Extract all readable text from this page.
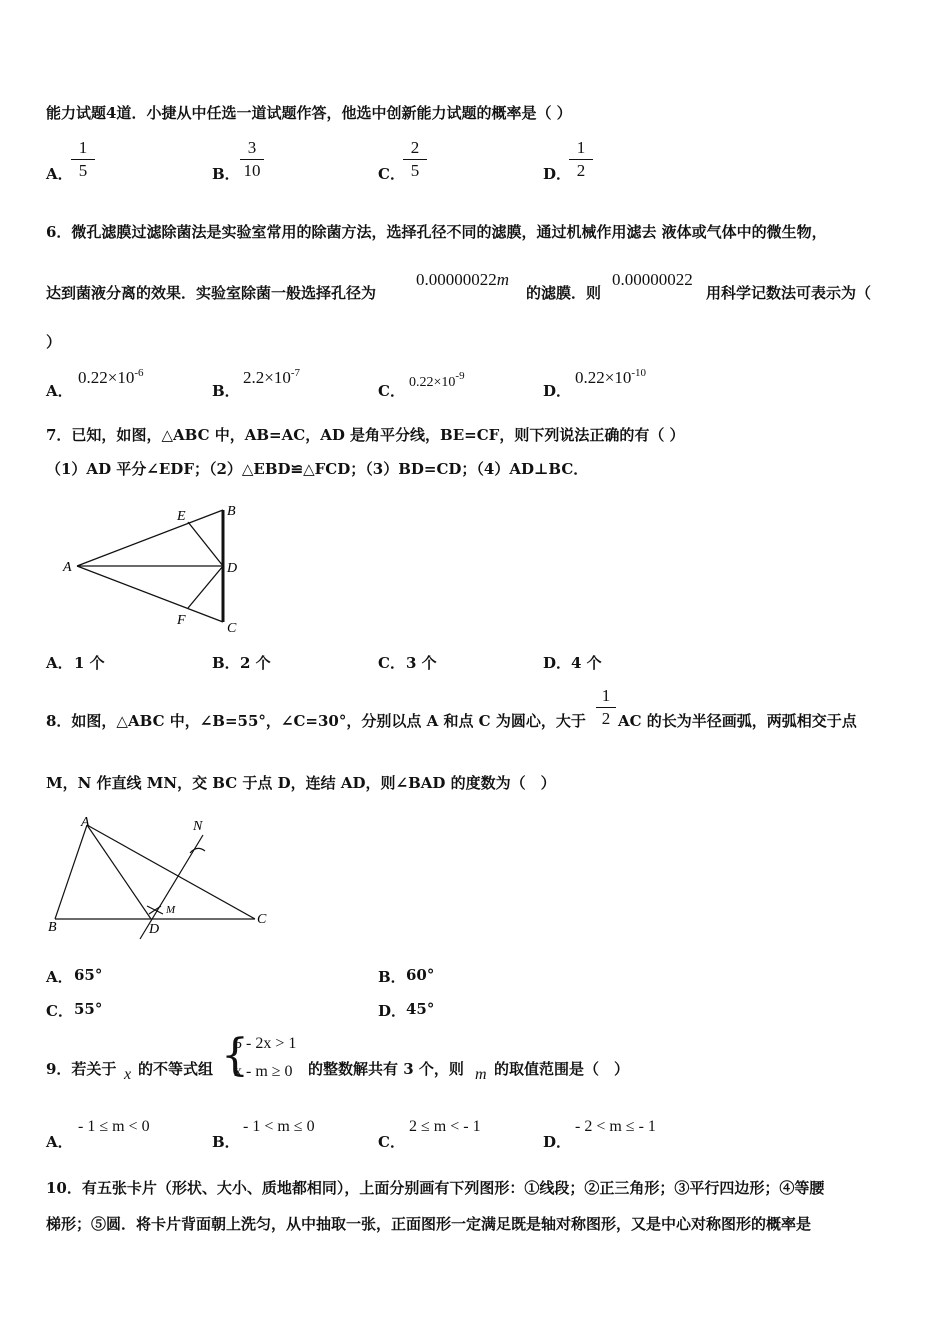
能力试题4道．小捷从中任选一道试题作答，他选中创新能力试题的概率是（ ）
A．
1
5	B．
3
10	C．
2
5	D．
1
2
6．微孔滤膜过滤除菌法是实验室常用的除菌方法，选择孔径不同的滤膜，通过机械作用滤去 液体或气体中的微生物，
达到菌液分离的效果．实验室除菌一般选择孔径为
0.00000022m
的滤膜．则
0.00000022
用科学记数法可表示为（
）
A．
$0.22\times 10^{-6}$
B．
$2.2\times 10^{-7}$
C． $0.22\times 10^{-9}$
D．
$0.22\times 10^{-10}$
7．已知，如图，△ABC 中，AB=AC，AD 是角平分线，BE=CF，则下列说法正确的有（ ）
（1）AD 平分∠EDF；（2）△EBD≌△FCD；（3）BD=CD；（4）AD⊥BC．
A
B
C
D
E
F
A． 1 个	B． 2 个	C． 3 个	D． 4 个
8．如图，△ABC 中，∠B=55°，∠C=30°，分别以点 A 和点 C 为圆心，大于
1
2 AC 的长为半径画弧，两弧相交于点
M，N 作直线 MN，交 BC 于点 D，连结 AD，则∠BAD 的度数为（　）
A
B
C
D
M
N
A． 65°	B． 60°
C． 55°	D． 45°
9．若关于 x 的不等式组 {
5 - 2x > 1
x - m ≥ 0 的整数解共有 3 个，则 m 的取值范围是（　）
A．
- 1 ≤ m < 0
B．
- 1 < m ≤ 0
C．
2 ≤ m < - 1
D．
- 2 < m ≤ - 1
10．有五张卡片（形状、大小、质地都相同），上面分别画有下列图形：①线段；②正三角形；③平行四边形；④等腰
梯形；⑤圆．将卡片背面朝上洗匀，从中抽取一张，正面图形一定满足既是轴对称图形，又是中心对称图形的概率是
